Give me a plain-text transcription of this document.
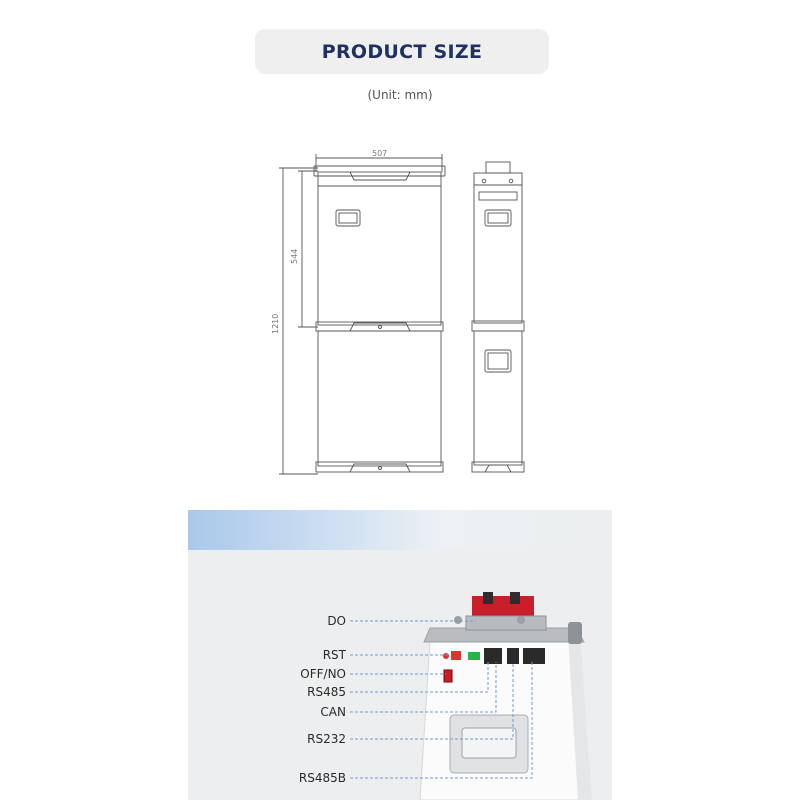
PRODUCT SIZE
(Unit: mm)
507
544
1210
DO
RST
OFF/NO
RS485
CAN
RS232
RS485B
